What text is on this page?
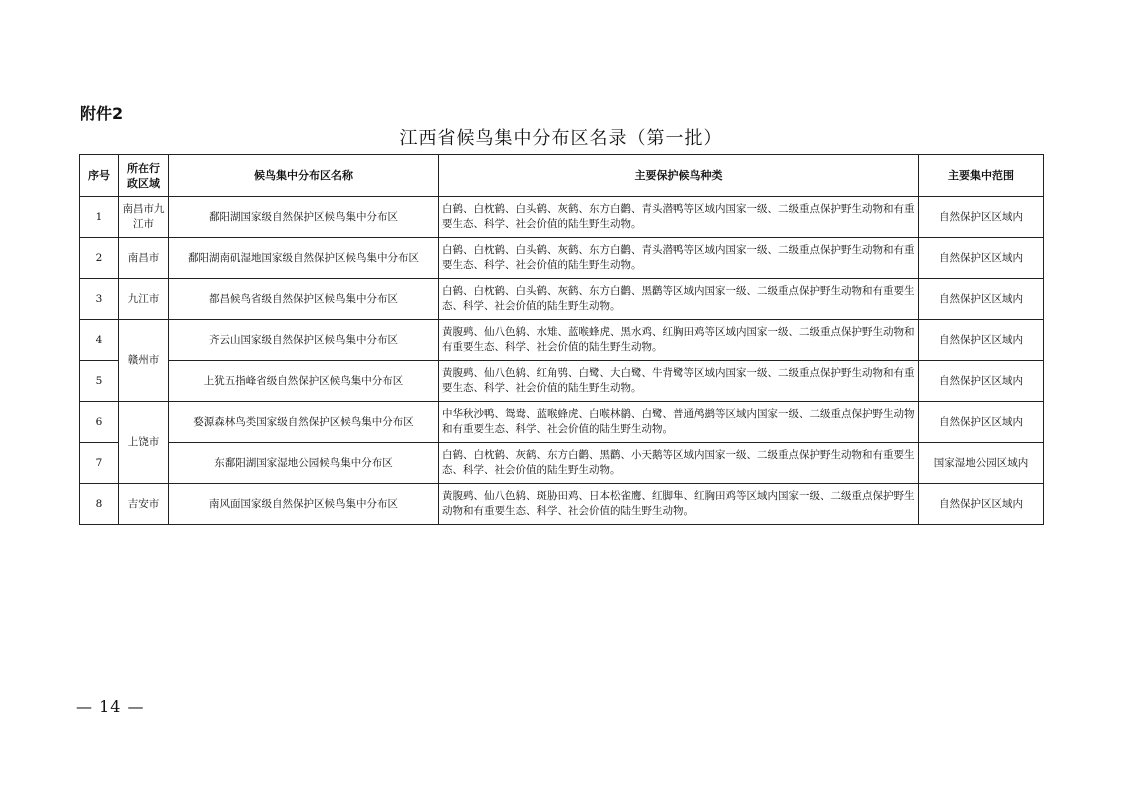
附件2
江西省候鸟集中分布区名录（第一批）
序号	所在行政区域	候鸟集中分布区名称	主要保护候鸟种类	主要集中范围
1	南昌市九江市	鄱阳湖国家级自然保护区候鸟集中分布区	白鹤、白枕鹤、白头鹤、灰鹤、东方白鹳、青头潜鸭等区域内国家一级、二级重点保护野生动物和有重要生态、科学、社会价值的陆生野生动物。	自然保护区区域内
2	南昌市	鄱阳湖南矶湿地国家级自然保护区候鸟集中分布区	白鹤、白枕鹤、白头鹤、灰鹤、东方白鹳、青头潜鸭等区域内国家一级、二级重点保护野生动物和有重要生态、科学、社会价值的陆生野生动物。	自然保护区区域内
3	九江市	都昌候鸟省级自然保护区候鸟集中分布区	白鹤、白枕鹤、白头鹤、灰鹤、东方白鹳、黑鹳等区域内国家一级、二级重点保护野生动物和有重要生态、科学、社会价值的陆生野生动物。	自然保护区区域内
4	赣州市	齐云山国家级自然保护区候鸟集中分布区	黄腹鹀、仙八色鸫、水雉、蓝喉蜂虎、黑水鸡、红胸田鸡等区域内国家一级、二级重点保护野生动物和有重要生态、科学、社会价值的陆生野生动物。	自然保护区区域内
5		上犹五指峰省级自然保护区候鸟集中分布区	黄腹鹀、仙八色鸫、红角鸮、白鹭、大白鹭、牛背鹭等区域内国家一级、二级重点保护野生动物和有重要生态、科学、社会价值的陆生野生动物。	自然保护区区域内
6	上饶市	婺源森林鸟类国家级自然保护区候鸟集中分布区	中华秋沙鸭、鸳鸯、蓝喉蜂虎、白喉林鹟、白鹭、普通鸬鹚等区域内国家一级、二级重点保护野生动物和有重要生态、科学、社会价值的陆生野生动物。	自然保护区区域内
7		东鄱阳湖国家湿地公园候鸟集中分布区	白鹤、白枕鹤、灰鹤、东方白鹳、黑鹳、小天鹅等区域内国家一级、二级重点保护野生动物和有重要生态、科学、社会价值的陆生野生动物。	国家湿地公园区域内
8	吉安市	南风面国家级自然保护区候鸟集中分布区	黄腹鹀、仙八色鸫、斑胁田鸡、日本松雀鹰、红脚隼、红胸田鸡等区域内国家一级、二级重点保护野生动物和有重要生态、科学、社会价值的陆生野生动物。	自然保护区区域内
— 14 —
